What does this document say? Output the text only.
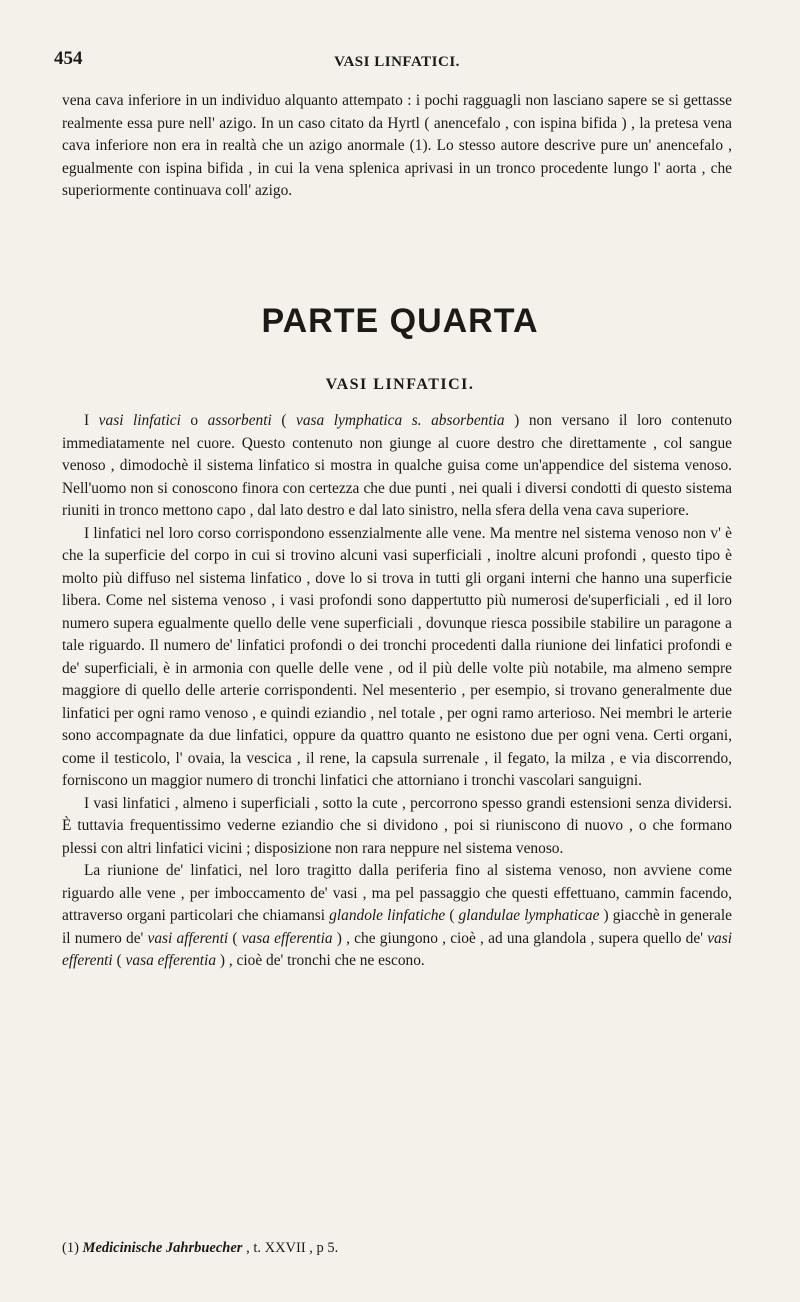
454	VASI LINFATICI.

vena cava inferiore in un individuo alquanto attempato : i pochi ragguagli non lasciano sapere se si gettasse realmente essa pure nell' azigo. In un caso citato da Hyrtl ( anencefalo , con ispina bifida ) , la pretesa vena cava inferiore non era in realtà che un azigo anormale (1). Lo stesso autore descrive pure un' anencefalo , egualmente con ispina bifida , in cui la vena splenica aprivasi in un tronco procedente lungo l' aorta , che superiormente continuava coll' azigo.

PARTE QUARTA
VASI LINFATICI.

I vasi linfatici o assorbenti ( vasa lymphatica s. absorbentia ) non versano il loro contenuto immediatamente nel cuore. Questo contenuto non giunge al cuore destro che direttamente , col sangue venoso , dimodochè il sistema linfatico si mostra in qualche guisa come un'appendice del sistema venoso. Nell'uomo non si conoscono finora con certezza che due punti , nei quali i diversi condotti di questo sistema riuniti in tronco mettono capo , dal lato destro e dal lato sinistro, nella sfera della vena cava superiore.

I linfatici nel loro corso corrispondono essenzialmente alle vene. Ma mentre nel sistema venoso non v' è che la superficie del corpo in cui si trovino alcuni vasi superficiali , inoltre alcuni profondi , questo tipo è molto più diffuso nel sistema linfatico , dove lo si trova in tutti gli organi interni che hanno una superficie libera. Come nel sistema venoso , i vasi profondi sono dappertutto più numerosi de'superficiali , ed il loro numero supera egualmente quello delle vene superficiali , dovunque riesca possibile stabilire un paragone a tale riguardo. Il numero de' linfatici profondi o dei tronchi procedenti dalla riunione dei linfatici profondi e de' superficiali, è in armonia con quelle delle vene , od il più delle volte più notabile, ma almeno sempre maggiore di quello delle arterie corrispondenti. Nel mesenterio , per esempio, si trovano generalmente due linfatici per ogni ramo venoso , e quindi eziandio , nel totale , per ogni ramo arterioso. Nei membri le arterie sono accompagnate da due linfatici, oppure da quattro quanto ne esistono due per ogni vena. Certi organi, come il testicolo, l' ovaia, la vescica , il rene, la capsula surrenale , il fegato, la milza , e via discorrendo, forniscono un maggior numero di tronchi linfatici che attorniano i tronchi vascolari sanguigni.

I vasi linfatici , almeno i superficiali , sotto la cute , percorrono spesso grandi estensioni senza dividersi. È tuttavia frequentissimo vederne eziandio che si dividono , poi si riuniscono di nuovo , o che formano plessi con altri linfatici vicini ; disposizione non rara neppure nel sistema venoso.

La riunione de' linfatici, nel loro tragitto dalla periferia fino al sistema venoso, non avviene come riguardo alle vene , per imboccamento de' vasi , ma pel passaggio che questi effettuano, cammin facendo, attraverso organi particolari che chiamansi glandole linfatiche ( glandulae lymphaticae ) giacchè in generale il numero de' vasi afferenti ( vasa efferentia ) , che giungono , cioè , ad una glandola , supera quello de' vasi efferenti ( vasa efferentia ) , cioè de' tronchi che ne escono.

(1) Medicinische Jahrbuecher , t. XXVII , p 5.
